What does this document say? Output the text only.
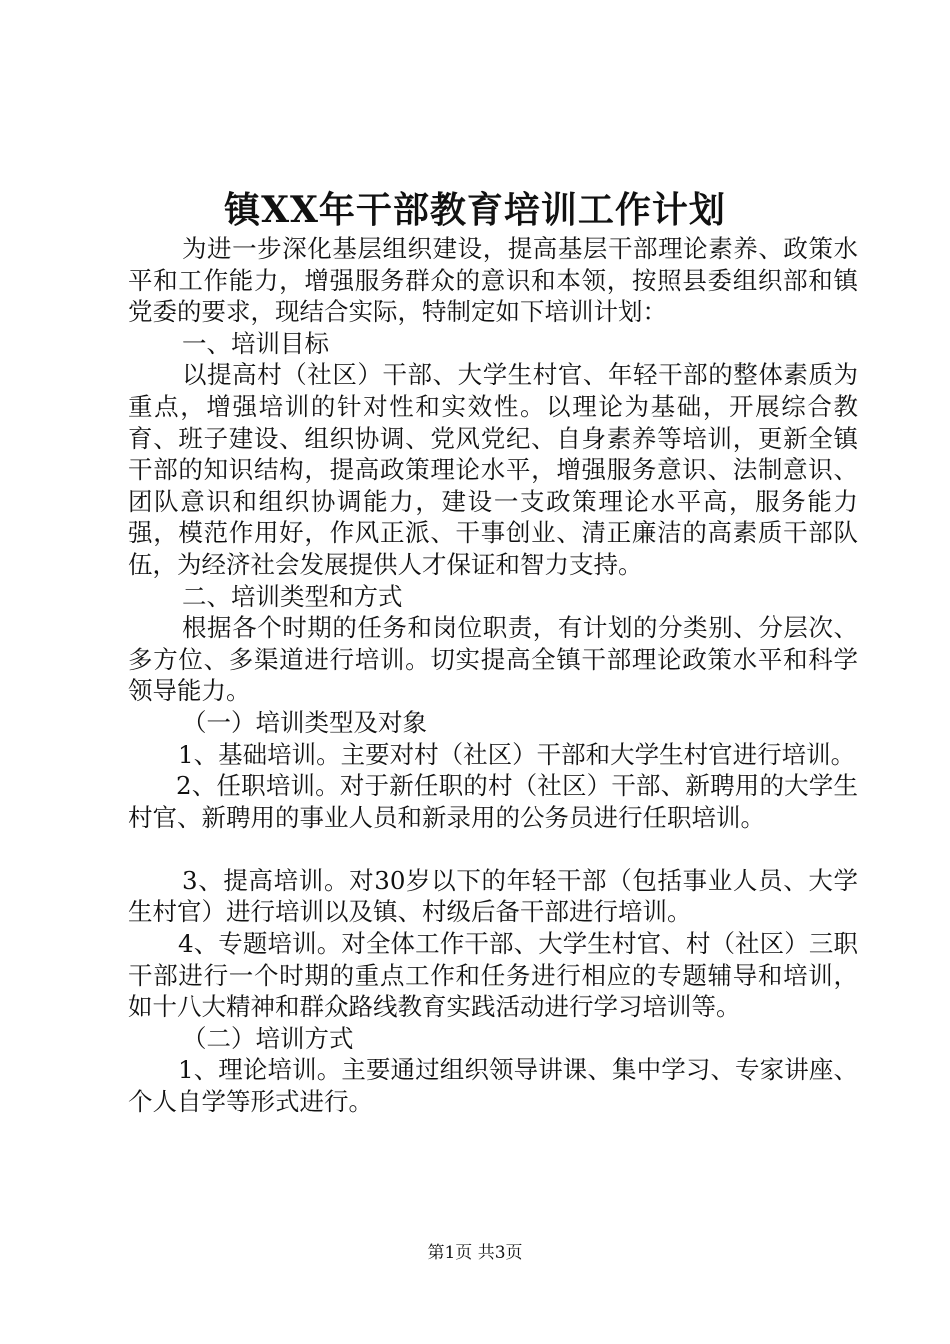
镇XX年干部教育培训工作计划

为进一步深化基层组织建设，提高基层干部理论素养、政策水平和工作能力，增强服务群众的意识和本领，按照县委组织部和镇党委的要求，现结合实际，特制定如下培训计划：

一、培训目标

以提高村（社区）干部、大学生村官、年轻干部的整体素质为重点，增强培训的针对性和实效性。以理论为基础，开展综合教育、班子建设、组织协调、党风党纪、自身素养等培训，更新全镇干部的知识结构，提高政策理论水平，增强服务意识、法制意识、团队意识和组织协调能力，建设一支政策理论水平高，服务能力强，模范作用好，作风正派、干事创业、清正廉洁的高素质干部队伍，为经济社会发展提供人才保证和智力支持。

二、培训类型和方式

根据各个时期的任务和岗位职责，有计划的分类别、分层次、多方位、多渠道进行培训。切实提高全镇干部理论政策水平和科学领导能力。

（一）培训类型及对象

1、基础培训。主要对村（社区）干部和大学生村官进行培训。

2、任职培训。对于新任职的村（社区）干部、新聘用的大学生村官、新聘用的事业人员和新录用的公务员进行任职培训。

3、提高培训。对30岁以下的年轻干部（包括事业人员、大学生村官）进行培训以及镇、村级后备干部进行培训。

4、专题培训。对全体工作干部、大学生村官、村（社区）三职干部进行一个时期的重点工作和任务进行相应的专题辅导和培训，如十八大精神和群众路线教育实践活动进行学习培训等。

（二）培训方式

1、理论培训。主要通过组织领导讲课、集中学习、专家讲座、个人自学等形式进行。

第1页 共3页
